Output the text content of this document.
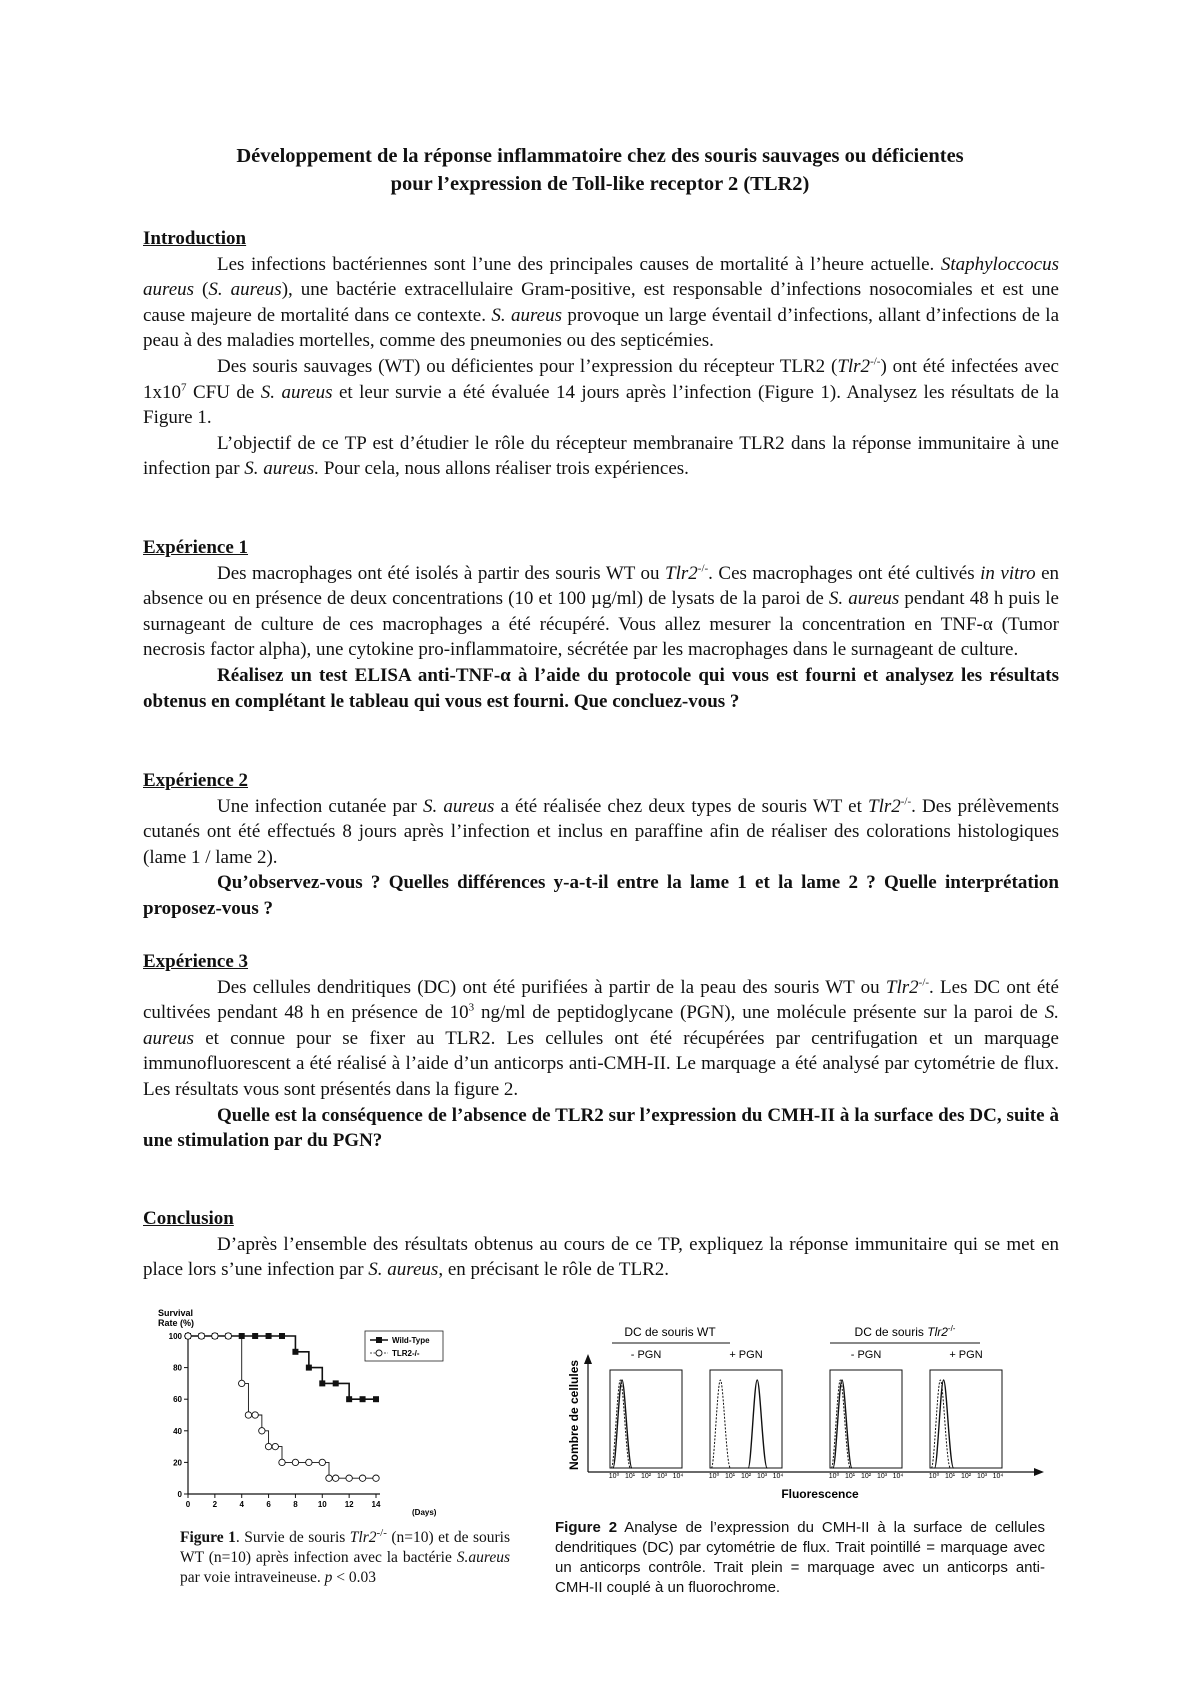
Développement de la réponse inflammatoire chez des souris sauvages ou déficientes
pour l’expression de Toll-like receptor 2 (TLR2)
Introduction

Les infections bactériennes sont l’une des principales causes de mortalité à l’heure actuelle. Staphyloccocus aureus (S. aureus), une bactérie extracellulaire Gram-positive, est responsable d’infections nosocomiales et est une cause majeure de mortalité dans ce contexte. S. aureus provoque un large éventail d’infections, allant d’infections de la peau à des maladies mortelles, comme des pneumonies ou des septicémies.

Des souris sauvages (WT) ou déficientes pour l’expression du récepteur TLR2 (Tlr2-/-) ont été infectées avec $1x10^7$ CFU de S. aureus et leur survie a été évaluée 14 jours après l’infection (Figure 1). Analysez les résultats de la Figure 1.

L’objectif de ce TP est d’étudier le rôle du récepteur membranaire TLR2 dans la réponse immunitaire à une infection par S. aureus. Pour cela, nous allons réaliser trois expériences.

Expérience 1

Des macrophages ont été isolés à partir des souris WT ou Tlr2-/-. Ces macrophages ont été cultivés in vitro en absence ou en présence de deux concentrations (10 et 100 µg/ml) de lysats de la paroi de S. aureus pendant 48 h puis le surnageant de culture de ces macrophages a été récupéré. Vous allez mesurer la concentration en TNF-α (Tumor necrosis factor alpha), une cytokine pro-inflammatoire, sécrétée par les macrophages dans le surnageant de culture.

Réalisez un test ELISA anti-TNF-α à l’aide du protocole qui vous est fourni et analysez les résultats obtenus en complétant le tableau qui vous est fourni. Que concluez-vous ?

Expérience 2

Une infection cutanée par S. aureus a été réalisée chez deux types de souris WT et Tlr2-/-. Des prélèvements cutanés ont été effectués 8 jours après l’infection et inclus en paraffine afin de réaliser des colorations histologiques (lame 1 / lame 2).

Qu’observez-vous ? Quelles différences y-a-t-il entre la lame 1 et la lame 2 ? Quelle interprétation proposez-vous ?

Expérience 3

Des cellules dendritiques (DC) ont été purifiées à partir de la peau des souris WT ou Tlr2-/-. Les DC ont été cultivées pendant 48 h en présence de $10^3$ ng/ml de peptidoglycane (PGN), une molécule présente sur la paroi de S. aureus et connue pour se fixer au TLR2. Les cellules ont été récupérées par centrifugation et un marquage immunofluorescent a été réalisé à l’aide d’un anticorps anti-CMH-II. Le marquage a été analysé par cytométrie de flux. Les résultats vous sont présentés dans la figure 2.

Quelle est la conséquence de l’absence de TLR2 sur l’expression du CMH-II à la surface des DC, suite à une stimulation par du PGN?

Conclusion

D’après l’ensemble des résultats obtenus au cours de ce TP, expliquez la réponse immunitaire qui se met en place lors s’une infection par S. aureus, en précisant le rôle de TLR2.

Survival
Rate (%)
0
20
40
60
80
100
0	2	4	6	8	10 12 14
Wild-Type
TLR2-/-
(Days)
Figure 1. Survie de souris Tlr2-/- (n=10) et de souris WT (n=10) après infection avec la bactérie S.aureus par voie intraveineuse. p < 0.03
DC de souris WT	DC de souris Tlr2-/-
Nombre de cellules
- PGN
10⁰ 10¹ 10² 10³ 10⁴
+ PGN
10⁰ 10¹ 10² 10³ 10⁴
- PGN
10⁰ 10¹ 10² 10³ 10⁴
+ PGN
10⁰ 10¹ 10² 10³ 10⁴
Fluorescence
Figure 2 Analyse de l’expression du CMH-II à la surface de cellules dendritiques (DC) par cytométrie de flux. Trait pointillé = marquage avec un anticorps contrôle. Trait plein = marquage avec un anticorps anti-CMH-II couplé à un fluorochrome.
